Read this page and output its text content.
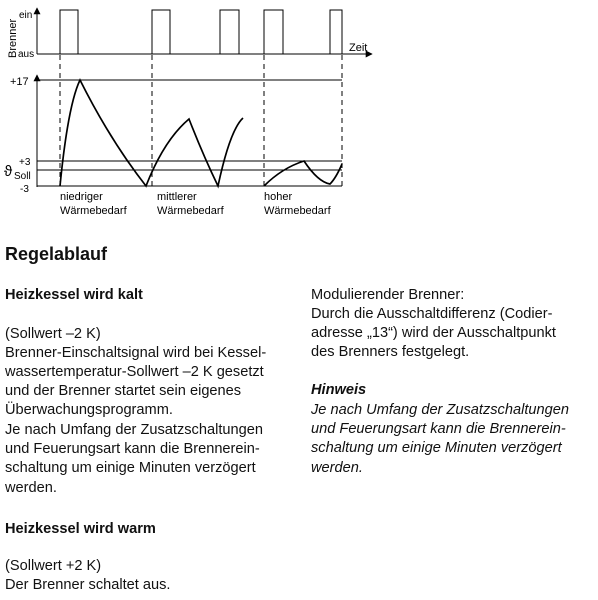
Brenner
ein
aus
Zeit
+17
+3
ϑ Soll
-3
niedriger
Wärmebedarf
mittlerer
Wärmebedarf
hoher
Wärmebedarf
Regelablauf
Heizkessel wird kalt
(Sollwert –2 K)
Brenner-Einschaltsignal wird bei Kessel-
wassertemperatur-Sollwert –2 K gesetzt
und der Brenner startet sein eigenes
Überwachungsprogramm.
Je nach Umfang der Zusatzschaltungen
und Feuerungsart kann die Brennerein-
schaltung um einige Minuten verzögert
werden.
Heizkessel wird warm
(Sollwert +2 K)
Der Brenner schaltet aus.
Modulierender Brenner:
Durch die Ausschaltdifferenz (Codier-
adresse „13“) wird der Ausschaltpunkt
des Brenners festgelegt.
Hinweis
Je nach Umfang der Zusatzschaltungen
und Feuerungsart kann die Brennerein-
schaltung um einige Minuten verzögert
werden.
